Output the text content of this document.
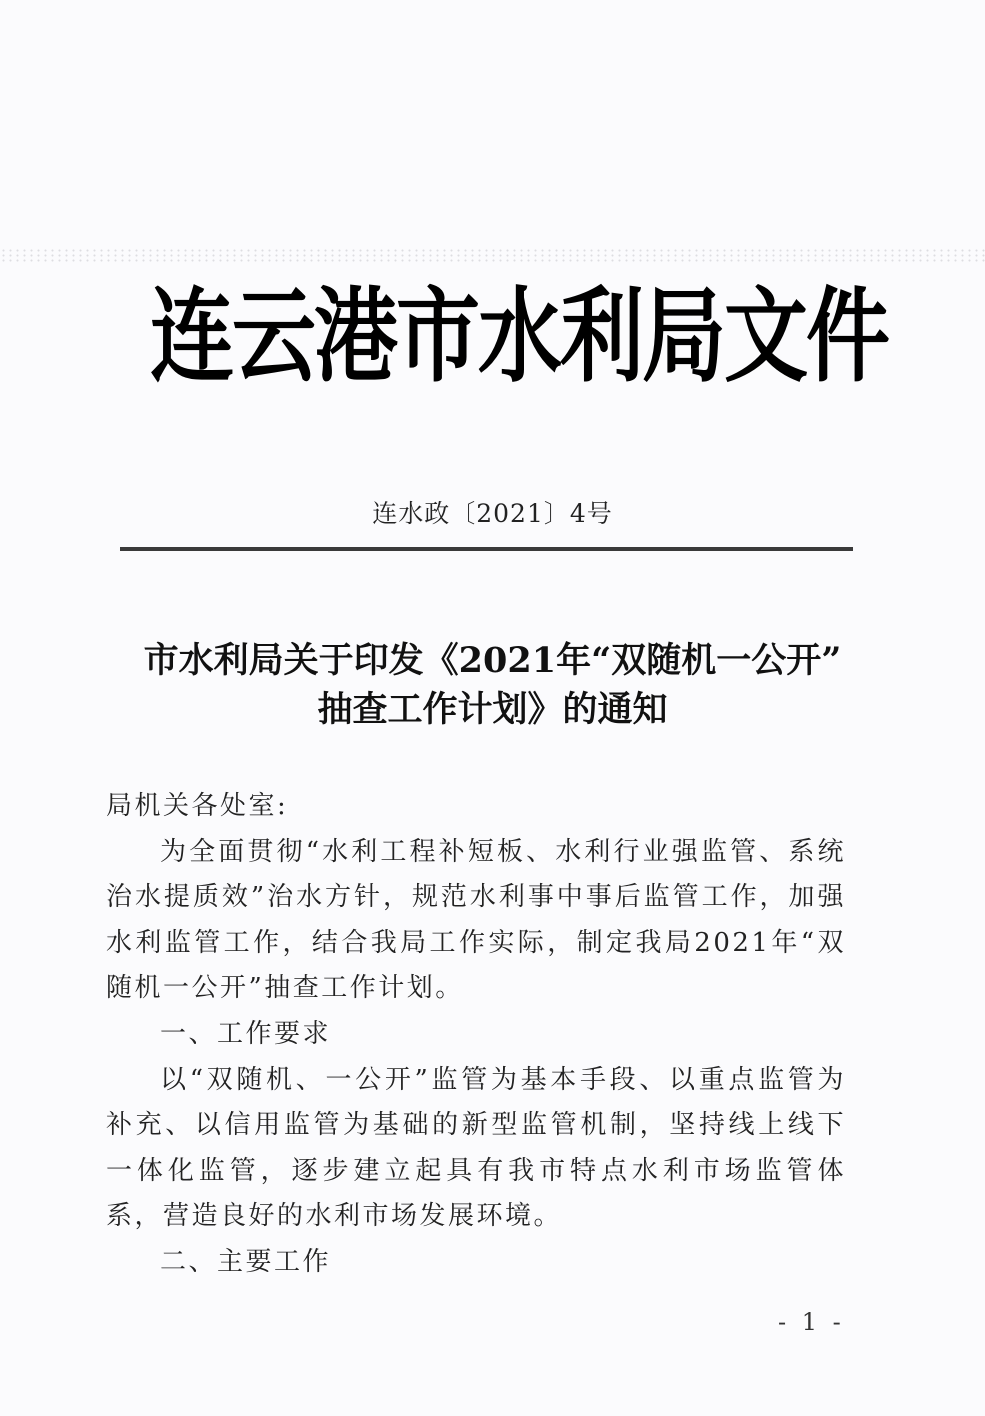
连云港市水利局文件
连水政〔2021〕4号
市水利局关于印发《2021年“双随机一公开”
抽查工作计划》的通知

局机关各处室:

为全面贯彻“水利工程补短板、水利行业强监管、系统治水提质效”治水方针，规范水利事中事后监管工作，加强水利监管工作，结合我局工作实际，制定我局2021年“双随机一公开”抽查工作计划。

一、工作要求

以“双随机、一公开”监管为基本手段、以重点监管为补充、以信用监管为基础的新型监管机制，坚持线上线下一体化监管，逐步建立起具有我市特点水利市场监管体系，营造良好的水利市场发展环境。

二、主要工作

- 1 -
